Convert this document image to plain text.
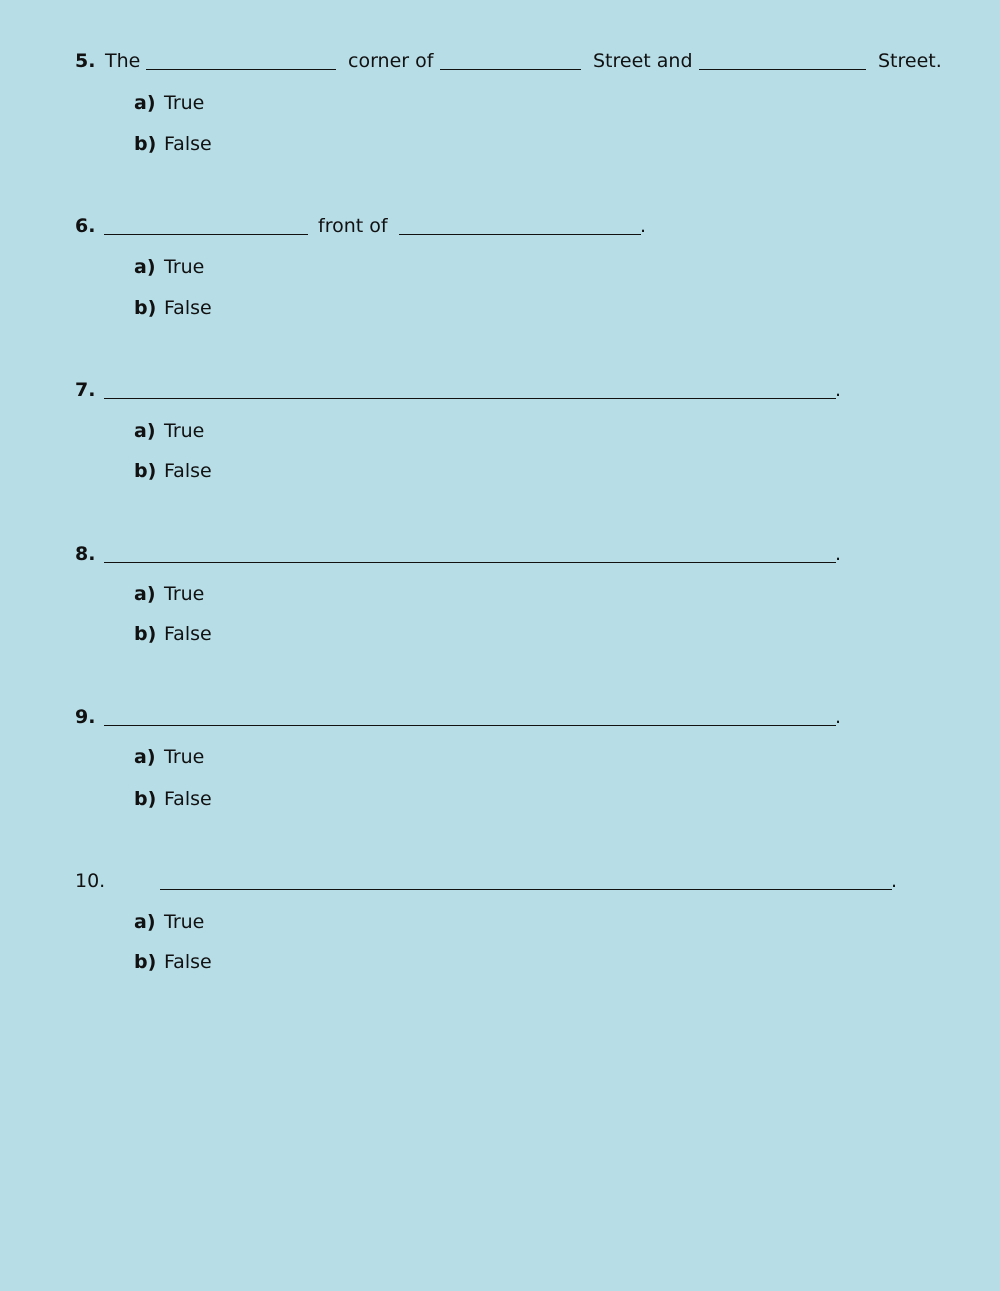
5. The	corner of	Street and	Street.
a) True
b) False
6.	front of	.
a) True
b) False
7.	.
a) True
b) False
8.	.
a) True
b) False
9.	.
a) True
b) False
10.	.
a) True
b) False
